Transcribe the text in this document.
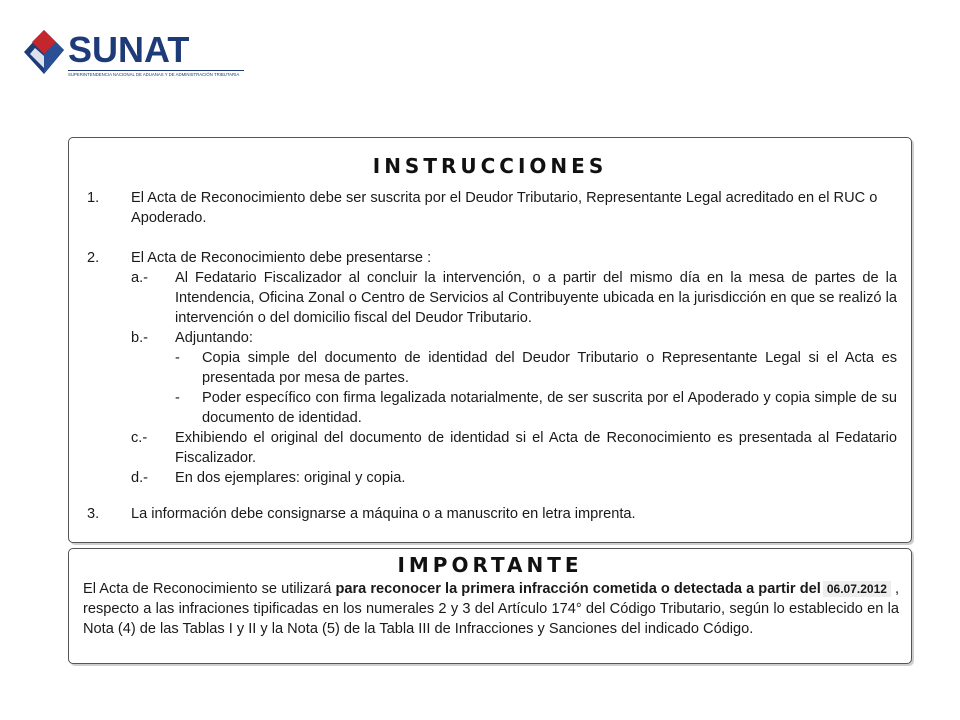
SUNAT
SUPERINTENDENCIA NACIONAL DE ADUANAS Y DE ADMINISTRACIÓN TRIBUTARIA
INSTRUCCIONES
1.	El Acta de Reconocimiento debe ser suscrita por el Deudor Tributario, Representante Legal acreditado en el RUC o Apoderado.
2.	El Acta de Reconocimiento debe presentarse :
a.-	Al Fedatario Fiscalizador al concluir la intervención, o a partir del mismo día en la mesa de partes de la Intendencia, Oficina Zonal o Centro de Servicios al Contribuyente ubicada en la jurisdicción en que se realizó la intervención o del domicilio fiscal del Deudor Tributario.
b.-	Adjuntando:
- Copia simple del documento de identidad del Deudor Tributario o Representante Legal si el Acta es presentada por mesa de partes.
- Poder específico con firma legalizada notarialmente, de ser suscrita por el Apoderado y copia simple de su documento de identidad.
c.-	Exhibiendo el original del documento de identidad si el Acta de Reconocimiento es presentada al Fedatario Fiscalizador.
d.-	En dos ejemplares: original y copia.
3.	La información debe consignarse a máquina o a manuscrito en letra imprenta.
IMPORTANTE
El Acta de Reconocimiento se utilizará para reconocer la primera infracción cometida o detectada a partir del 06.07.2012 , respecto a las infraciones tipificadas en los numerales 2 y 3 del Artículo 174° del Código Tributario, según lo establecido en la Nota (4) de las Tablas I y II y la Nota (5) de la Tabla III de Infracciones y Sanciones del indicado Código.
